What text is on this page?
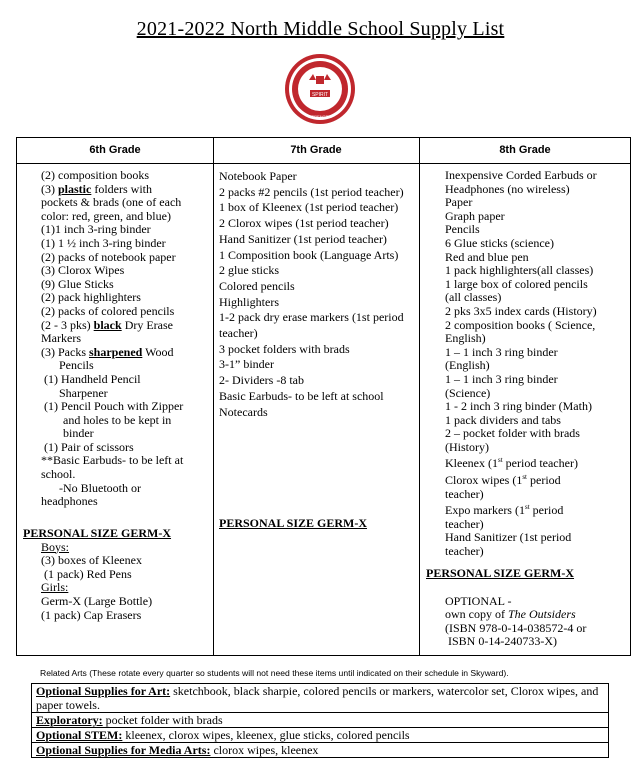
2021-2022 North Middle School Supply List
SPIRIT
STRENGTH
6th Grade	7th Grade	8th Grade
(2) composition books
(3) plastic folders with
pockets & brads (one of each
color: red, green, and blue)
(1)1 inch 3-ring binder
(1) 1 ½ inch 3-ring binder
(2) packs of notebook paper
(3) Clorox Wipes
(9) Glue Sticks
(2) pack highlighters
(2) packs of colored pencils
(2 - 3 pks) black Dry Erase
Markers
(3) Packs sharpened Wood
Pencils
(1) Handheld Pencil
Sharpener
(1) Pencil Pouch with Zipper
and holes to be kept in
binder
(1) Pair of scissors
**Basic Earbuds- to be left at
school.
-No Bluetooth or
headphones
PERSONAL SIZE GERM-X
Boys:
(3) boxes of Kleenex
(1 pack) Red Pens
Girls:
Germ-X (Large Bottle)
(1 pack) Cap Erasers
Notebook Paper
2 packs #2 pencils (1st period teacher)
1 box of Kleenex (1st period teacher)
2 Clorox wipes (1st period teacher)
Hand Sanitizer (1st period teacher)
1 Composition book (Language Arts)
2 glue sticks
Colored pencils
Highlighters
1-2 pack dry erase markers (1st period teacher)
3 pocket folders with brads
3-1” binder
2- Dividers -8 tab
Basic Earbuds- to be left at school
Notecards
PERSONAL SIZE GERM-X
Inexpensive Corded Earbuds or
Headphones (no wireless)
Paper
Graph paper
Pencils
6 Glue sticks (science)
Red and blue pen
1 pack highlighters(all classes)
1 large box of colored pencils
(all classes)
2 pks 3x5 index cards (History)
2 composition books ( Science,
English)
1 – 1 inch 3 ring binder
(English)
1 – 1 inch 3 ring binder
(Science)
1 - 2 inch 3 ring binder (Math)
1 pack dividers and tabs
2 – pocket folder with brads
(History)
Kleenex (1st period teacher)
Clorox wipes (1st period
teacher)
Expo markers (1st period
teacher)
Hand Sanitizer (1st period
teacher)
PERSONAL SIZE GERM-X
OPTIONAL -
own copy of The Outsiders
(ISBN 978-0-14-038572-4 or
ISBN 0-14-240733-X)
Related Arts (These rotate every quarter so students will not need these items until indicated on their schedule in Skyward).
Optional Supplies for Art: sketchbook, black sharpie, colored pencils or markers, watercolor set, Clorox wipes, and paper towels.
Exploratory: pocket folder with brads
Optional STEM: kleenex, clorox wipes, kleenex, glue sticks, colored pencils
Optional Supplies for Media Arts: clorox wipes, kleenex
